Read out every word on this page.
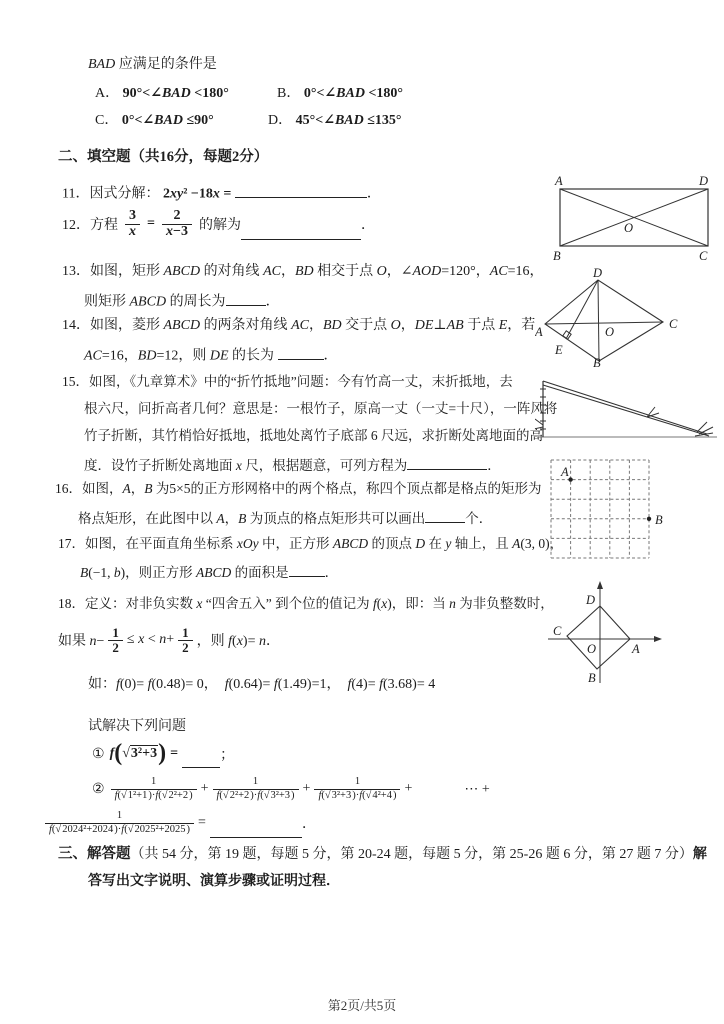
BAD 应满足的条件是
A． 90°<∠BAD <180°	B． 0°<∠BAD <180°
C． 0°<∠BAD ≤90°	D． 45°<∠BAD ≤135°
二、填空题（共16分，每题2分）
11．因式分解： 2xy² −18x =	．
12．方程 $\frac{3}{x} = \frac{2}{x-3}$ 的解为	．
13．如图，矩形 ABCD 的对角线 AC，BD 相交于点 O，∠AOD=120°，AC=16，
则矩形 ABCD 的周长为	．
14．如图，菱形 ABCD 的两条对角线 AC，BD 交于点 O，DE⊥AB 于点 E，若
AC=16，BD=12，则 DE 的长为	．
15．如图，《九章算术》中的“折竹抵地”问题：今有竹高一丈，末折抵地，去
根六尺，问折高者几何？意思是：一根竹子，原高一丈（一丈=十尺），一阵风将
竹子折断，其竹梢恰好抵地，抵地处离竹子底部 6 尺远，求折断处离地面的高
度．设竹子折断处离地面 x 尺，根据题意，可列方程为	．
16．如图，A，B 为5×5的正方形网格中的两个格点，称四个顶点都是格点的矩形为
格点矩形，在此图中以 A，B 为顶点的格点矩形共可以画出	个．
17．如图，在平面直角坐标系 xOy 中，正方形 ABCD 的顶点 D 在 y 轴上，且 A(3, 0)，
B(−1, b)，则正方形 ABCD 的面积是	．
18．定义：对非负实数 x “四舍五入” 到个位的值记为 f(x)，即：当 n 为非负整数时，
如果 $n- \frac{1}{2} \le x < n+ \frac{1}{2}$ ，则 f(x)= n．
如：f(0)= f(0.48)= 0，  f(0.64)= f(1.49)=1，  f(4)= f(3.68)= 4
试解决下列问题
① f ( √3²+3 ) =	；
② $\frac{1}{\text{f(√1²+1)·f(√2²+2)}} + \frac{1}{\text{f(√2²+2)·f(√3²+3)}} + \frac{1}{\text{f(√3²+3)·f(√4²+4)}}$ +	⋯ +
$\frac{1}{\text{f(√2024²+2024)·f(√2025²+2025)}}$ =	．
三、解答题（共 54 分，第 19 题，每题 5 分，第 20-24 题，每题 5 分，第 25-26 题 6 分，第 27 题 7 分）解
答写出文字说明、演算步骤或证明过程．
A	D
B	C
O
A
D
C
B
O
E
A
B
D
C
A
B
O
第2页/共5页
